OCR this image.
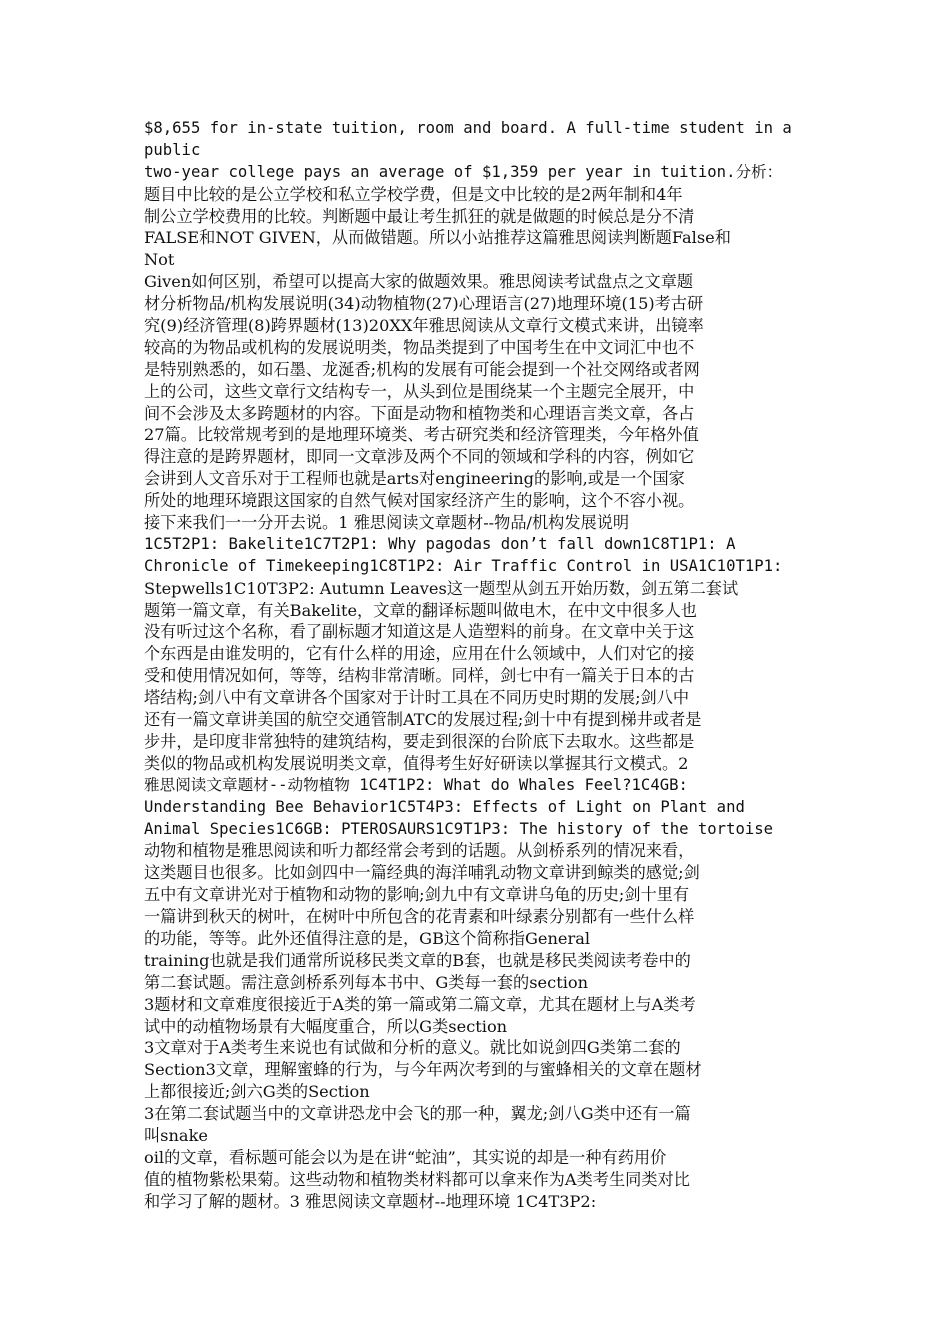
$8,655 for in-state tuition, room and board. A full-time student in a
public
two-year college pays an average of $1,359 per year in tuition.分析：
题目中比较的是公立学校和私立学校学费，但是文中比较的是2两年制和4年
制公立学校费用的比较。判断题中最让考生抓狂的就是做题的时候总是分不清
FALSE和NOT GIVEN，从而做错题。所以小站推荐这篇雅思阅读判断题False和
Not
Given如何区别，希望可以提高大家的做题效果。雅思阅读考试盘点之文章题
材分析物品/机构发展说明(34)动物植物(27)心理语言(27)地理环境(15)考古研
究(9)经济管理(8)跨界题材(13)20XX年雅思阅读从文章行文模式来讲，出镜率
较高的为物品或机构的发展说明类，物品类提到了中国考生在中文词汇中也不
是特别熟悉的，如石墨、龙涎香;机构的发展有可能会提到一个社交网络或者网
上的公司，这些文章行文结构专一，从头到位是围绕某一个主题完全展开，中
间不会涉及太多跨题材的内容。下面是动物和植物类和心理语言类文章，各占
27篇。比较常规考到的是地理环境类、考古研究类和经济管理类，今年格外值
得注意的是跨界题材，即同一文章涉及两个不同的领域和学科的内容，例如它
会讲到人文音乐对于工程师也就是arts对engineering的影响,或是一个国家
所处的地理环境跟这国家的自然气候对国家经济产生的影响，这个不容小视。
接下来我们一一分开去说。1 雅思阅读文章题材--物品/机构发展说明
1C5T2P1: Bakelite1C7T2P1: Why pagodas don’t fall down1C8T1P1: A
Chronicle of Timekeeping1C8T1P2: Air Traffic Control in USA1C10T1P1:
Stepwells1C10T3P2: Autumn Leaves这一题型从剑五开始历数，剑五第二套试
题第一篇文章，有关Bakelite，文章的翻译标题叫做电木，在中文中很多人也
没有听过这个名称，看了副标题才知道这是人造塑料的前身。在文章中关于这
个东西是由谁发明的，它有什么样的用途，应用在什么领域中，人们对它的接
受和使用情况如何，等等，结构非常清晰。同样，剑七中有一篇关于日本的古
塔结构;剑八中有文章讲各个国家对于计时工具在不同历史时期的发展;剑八中
还有一篇文章讲美国的航空交通管制ATC的发展过程;剑十中有提到梯井或者是
步井，是印度非常独特的建筑结构，要走到很深的台阶底下去取水。这些都是
类似的物品或机构发展说明类文章，值得考生好好研读以掌握其行文模式。2
雅思阅读文章题材--动物植物 1C4T1P2: What do Whales Feel?1C4GB:
Understanding Bee Behavior1C5T4P3: Effects of Light on Plant and
Animal Species1C6GB: PTEROSAURS1C9T1P3: The history of the tortoise
动物和植物是雅思阅读和听力都经常会考到的话题。从剑桥系列的情况来看，
这类题目也很多。比如剑四中一篇经典的海洋哺乳动物文章讲到鲸类的感觉;剑
五中有文章讲光对于植物和动物的影响;剑九中有文章讲乌龟的历史;剑十里有
一篇讲到秋天的树叶，在树叶中所包含的花青素和叶绿素分别都有一些什么样
的功能，等等。此外还值得注意的是，GB这个简称指General
training也就是我们通常所说移民类文章的B套，也就是移民类阅读考卷中的
第二套试题。需注意剑桥系列每本书中、G类每一套的section
3题材和文章难度很接近于A类的第一篇或第二篇文章，尤其在题材上与A类考
试中的动植物场景有大幅度重合，所以G类section
3文章对于A类考生来说也有试做和分析的意义。就比如说剑四G类第二套的
Section3文章，理解蜜蜂的行为，与今年两次考到的与蜜蜂相关的文章在题材
上都很接近;剑六G类的Section
3在第二套试题当中的文章讲恐龙中会飞的那一种，翼龙;剑八G类中还有一篇
叫snake
oil的文章，看标题可能会以为是在讲“蛇油”，其实说的却是一种有药用价
值的植物紫松果菊。这些动物和植物类材料都可以拿来作为A类考生同类对比
和学习了解的题材。3 雅思阅读文章题材--地理环境 1C4T3P2:
